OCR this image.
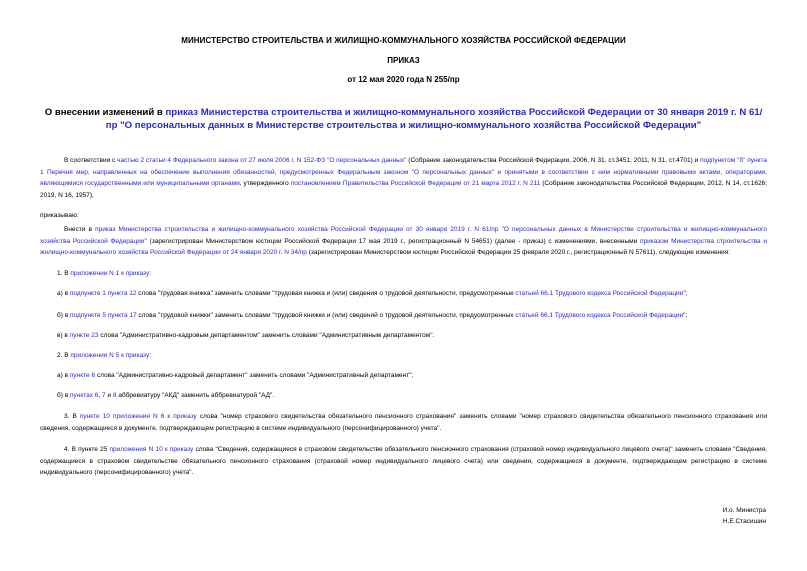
МИНИСТЕРСТВО СТРОИТЕЛЬСТВА И ЖИЛИЩНО-КОММУНАЛЬНОГО ХОЗЯЙСТВА РОССИЙСКОЙ ФЕДЕРАЦИИ
ПРИКАЗ
от 12 мая 2020 года N 255/пр
О внесении изменений в приказ Министерства строительства и жилищно-коммунального хозяйства Российской Федерации от 30 января 2019 г. N 61/пр "О персональных данных в Министерстве строительства и жилищно-коммунального хозяйства Российской Федерации"
В соответствии с частью 2 статьи 4 Федерального закона от 27 июля 2006 г. N 152-ФЗ "О персональных данных" (Собрание законодательства Российской Федерации, 2006, N 31, ст.3451; 2011, N 31, ст.4701) и подпунктом "б" пункта 1 Перечня мер, направленных на обеспечение выполнения обязанностей, предусмотренных Федеральным законом "О персональных данных" и принятыми в соответствии с ним нормативными правовыми актами, операторами, являющимися государственными или муниципальными органами, утвержденного постановлением Правительства Российской Федерации от 21 марта 2012 г. N 211 (Собрание законодательства Российской Федерации, 2012, N 14, ст.1626; 2019, N 16, 1957),
приказываю:
Внести в приказ Министерства строительства и жилищно-коммунального хозяйства Российской Федерации от 30 января 2019 г. N 61/пр "О персональных данных в Министерстве строительства и жилищно-коммунального хозяйства Российской Федерации" (зарегистрирован Министерством юстиции Российской Федерации 17 мая 2019 г., регистрационный N 54651) (далее - приказ) с изменениями, внесенными приказом Министерства строительства и жилищно-коммунального хозяйства Российской Федерации от 24 января 2020 г. N 34/пр (зарегистрирован Министерством юстиции Российской Федерации 25 февраля 2020 г., регистрационный N 57611), следующие изменения:
1. В приложении N 1 к приказу:
а) в подпункте 1 пункта 12 слова "трудовая книжка" заменить словами "трудовая книжка и (или) сведения о трудовой деятельности, предусмотренные статьей 66.1 Трудового кодекса Российской Федерации";
б) в подпункте 5 пункта 17 слова "трудовой книжки" заменить словами "трудовой книжки и (или) сведений о трудовой деятельности, предусмотренных статьей 66.1 Трудового кодекса Российской Федерации";
в) в пункте 23 слова "Административно-кадровым департаментом" заменить словами "Административным департаментом".
2. В приложении N 5 к приказу:
а) в пункте 6 слова "Административно-кадровый департамент" заменить словами "Административный департамент";
б) в пунктах 6, 7 и 8 аббревиатуру "АКД" заменить аббревиатурой "АД".
3. В пункте 10 приложения N 6 к приказу слова "номер страхового свидетельства обязательного пенсионного страхования" заменить словами "номер страхового свидетельства обязательного пенсионного страхования или сведения, содержащиеся в документе, подтверждающем регистрацию в системе индивидуального (персонифицированного) учета".
4. В пункте 25 приложения N 10 к приказу слова "Сведения, содержащиеся в страховом свидетельстве обязательного пенсионного страхования (страховой номер индивидуального лицевого счета)" заменить словами "Сведения, содержащиеся в страховом свидетельстве обязательного пенсионного страхования (страховой номер индивидуального лицевого счета) или сведения, содержащиеся в документе, подтверждающем регистрацию в системе индивидуального (персонифицированного) учета".
И.о. Министра
Н.Е.Стасишин
